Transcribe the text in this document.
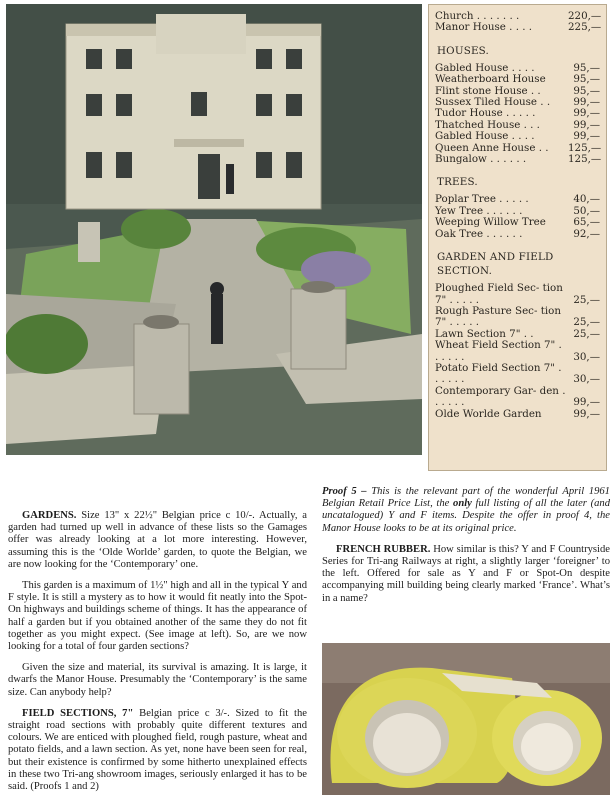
Church . . . . . . .	220,—
Manor House . . . .	225,—
HOUSES.
Gabled House . . . .	95,—
Weatherboard House	95,—
Flint stone House . .	95,—
Sussex Tiled House . .	99,—
Tudor House . . . . .	99,—
Thatched House . . .	99,—
Gabled House . . . .	99,—
Queen Anne House . .	125,—
Bungalow . . . . . .	125,—
TREES.
Poplar Tree . . . . .	40,—
Yew Tree . . . . . .	50,—
Weeping Willow Tree	65,—
Oak Tree . . . . . .	92,—
GARDEN AND FIELD
SECTION.
Ploughed Field Sec- tion 7" . . . . .	25,—
Rough Pasture Sec- tion 7" . . . . .	25,—
Lawn Section 7" . .	25,—
Wheat Field Section 7" . . . . . .	30,—
Potato Field Section 7" . . . . . .	30,—
Contemporary Gar- den . . . . . .	99,—
Olde Worlde Garden	99,—

GARDENS. Size 13" x 22½" Belgian price c 10/-. Actually, a garden had turned up well in advance of these lists so the Gamages offer was already looking at a lot more interesting. However, assuming this is the ‘Olde Worlde’ garden, to quote the Belgian, we are now looking for the ‘Contemporary’ one.

This garden is a maximum of 1½" high and all in the typical Y and F style. It is still a mystery as to how it would fit neatly into the Spot-On highways and buildings scheme of things. It has the appearance of half a garden but if you obtained another of the same they do not fit together as you might expect. (See image at left). So, are we now looking for a total of four garden sections?

Given the size and material, its survival is amazing. It is large, it dwarfs the Manor House. Presumably the ‘Contemporary’ is the same size. Can anybody help?

FIELD SECTIONS, 7" Belgian price c 3/-. Sized to fit the straight road sections with probably quite different textures and colours. We are enticed with ploughed field, rough pasture, wheat and potato fields, and a lawn section. As yet, none have been seen for real, but their existence is confirmed by some hitherto unexplained effects in these two Tri-ang showroom images, seriously enlarged it has to be said. (Proofs 1 and 2)

Proof 5 – This is the relevant part of the wonderful April 1961 Belgian Retail Price List, the only full listing of all the later (and uncatalogued) Y and F items. Despite the offer in proof 4, the Manor House looks to be at its original price.

FRENCH RUBBER. How similar is this? Y and F Countryside Series for Tri-ang Railways at right, a slightly larger ‘foreigner’ to the left. Offered for sale as Y and F or Spot-On despite accompanying mill building being clearly marked ‘France’. What’s in a name?
